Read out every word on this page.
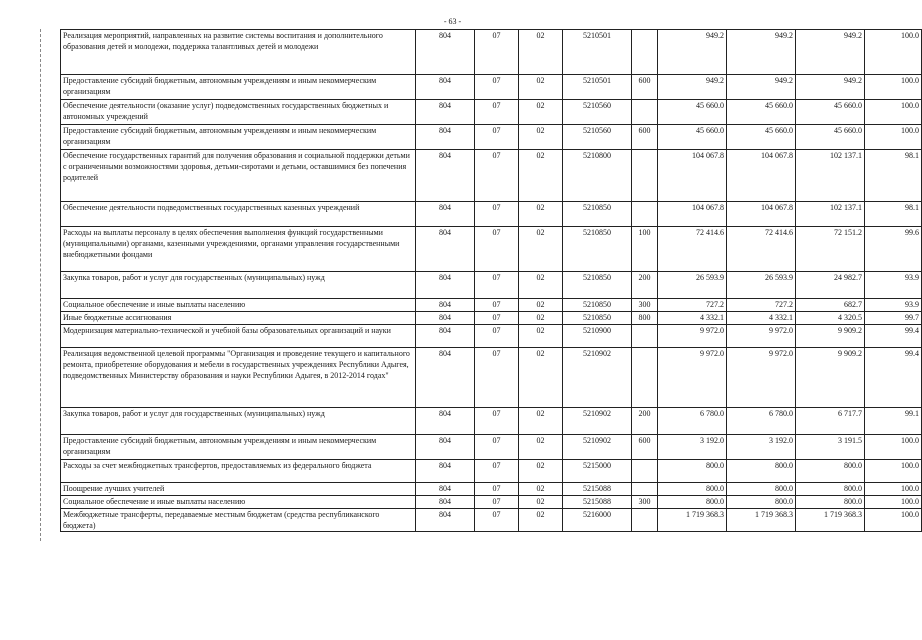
- 63 -
Реализация мероприятий, направленных на развитие системы воспитания и дополнительного образования детей и молодежи, поддержка талантливых детей и молодежи	804	07	02	5210501		949.2	949.2	949.2	100.0
Предоставление субсидий бюджетным, автономным учреждениям и иным некоммерческим организациям	804	07	02	5210501	600	949.2	949.2	949.2	100.0
Обеспечение деятельности (оказание услуг) подведомственных государственных бюджетных и автономных учреждений	804	07	02	5210560		45 660.0	45 660.0	45 660.0	100.0
Предоставление субсидий бюджетным, автономным учреждениям и иным некоммерческим организациям	804	07	02	5210560	600	45 660.0	45 660.0	45 660.0	100.0
Обеспечение государственных гарантий для получения образования и социальной поддержки детьми с ограниченными возможностями здоровья, детьми-сиротами и детьми, оставшимися без попечения родителей	804	07	02	5210800		104 067.8	104 067.8	102 137.1	98.1
Обеспечение деятельности подведомственных государственных казенных учреждений	804	07	02	5210850		104 067.8	104 067.8	102 137.1	98.1
Расходы на выплаты персоналу в целях обеспечения выполнения функций государственными (муниципальными) органами, казенными учреждениями, органами управления государственными внебюджетными фондами	804	07	02	5210850	100	72 414.6	72 414.6	72 151.2	99.6
Закупка товаров, работ и услуг для государственных (муниципальных) нужд	804	07	02	5210850	200	26 593.9	26 593.9	24 982.7	93.9
Социальное обеспечение и иные выплаты населению	804	07	02	5210850	300	727.2	727.2	682.7	93.9
Иные бюджетные ассигнования	804	07	02	5210850	800	4 332.1	4 332.1	4 320.5	99.7
Модернизация материально-технической и учебной базы образовательных организаций и науки	804	07	02	5210900		9 972.0	9 972.0	9 909.2	99.4
Реализация ведомственной целевой программы "Организация и проведение текущего и капитального ремонта, приобретение оборудования и мебели в государственных учреждениях Республики Адыгея, подведомственных Министерству образования и науки Республики Адыгея, в 2012-2014 годах"	804	07	02	5210902		9 972.0	9 972.0	9 909.2	99.4
Закупка товаров, работ и услуг для государственных (муниципальных) нужд	804	07	02	5210902	200	6 780.0	6 780.0	6 717.7	99.1
Предоставление субсидий бюджетным, автономным учреждениям и иным некоммерческим организациям	804	07	02	5210902	600	3 192.0	3 192.0	3 191.5	100.0
Расходы за счет межбюджетных трансфертов, предоставляемых из федерального бюджета	804	07	02	5215000		800.0	800.0	800.0	100.0
Поощрение лучших учителей	804	07	02	5215088		800.0	800.0	800.0	100.0
Социальное обеспечение и иные выплаты населению	804	07	02	5215088	300	800.0	800.0	800.0	100.0
Межбюджетные трансферты, передаваемые местным бюджетам (средства республиканского бюджета)	804	07	02	5216000		1 719 368.3	1 719 368.3	1 719 368.3	100.0
